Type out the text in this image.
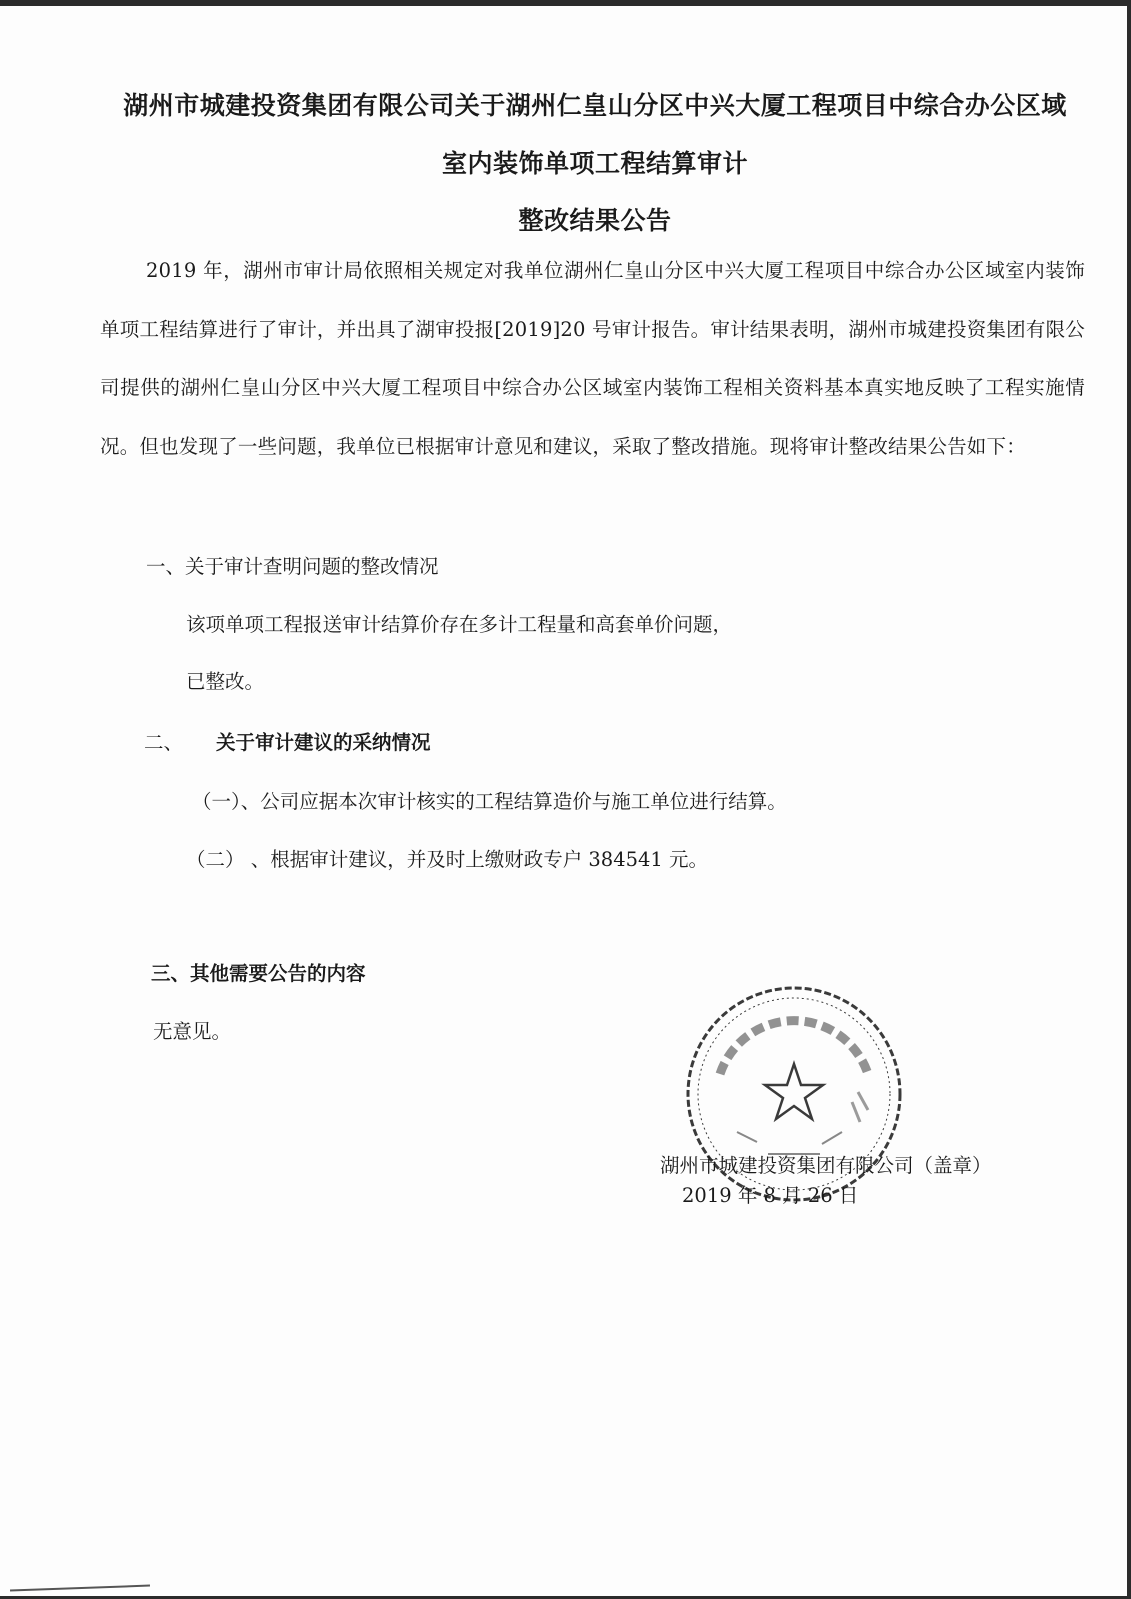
湖州市城建投资集团有限公司关于湖州仁皇山分区中兴大厦工程项目中综合办公区域
室内装饰单项工程结算审计
整改结果公告
2019 年，湖州市审计局依照相关规定对我单位湖州仁皇山分区中兴大厦工程项目中综合办公区域室内装饰单项工程结算进行了审计，并出具了湖审投报[2019]20 号审计报告。审计结果表明，湖州市城建投资集团有限公司提供的湖州仁皇山分区中兴大厦工程项目中综合办公区域室内装饰工程相关资料基本真实地反映了工程实施情况。但也发现了一些问题，我单位已根据审计意见和建议，采取了整改措施。现将审计整改结果公告如下：
一、关于审计查明问题的整改情况
该项单项工程报送审计结算价存在多计工程量和高套单价问题，
已整改。
二、 关于审计建议的采纳情况
（一）、公司应据本次审计核实的工程结算造价与施工单位进行结算。
（二） 、根据审计建议，并及时上缴财政专户 384541 元。
三、其他需要公告的内容
无意见。
湖州市城建投资集团有限公司（盖章）
2019 年 8 月 26 日
